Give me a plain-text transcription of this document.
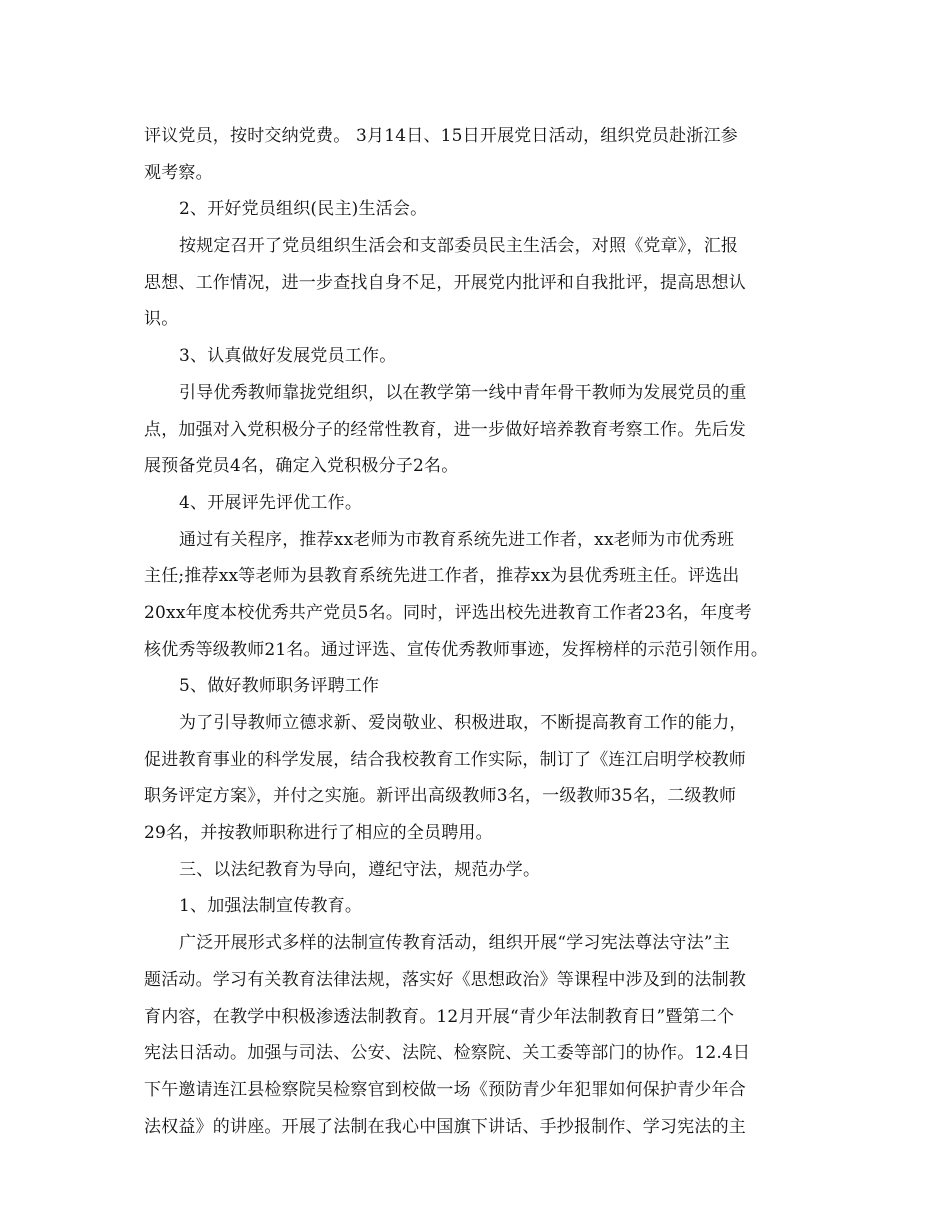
评议党员，按时交纳党费。 3月14日、15日开展党日活动，组织党员赴浙江参
观考察。
2、开好党员组织(民主)生活会。
按规定召开了党员组织生活会和支部委员民主生活会，对照《党章》，汇报
思想、工作情况，进一步查找自身不足，开展党内批评和自我批评，提高思想认
识。
3、认真做好发展党员工作。
引导优秀教师靠拢党组织，以在教学第一线中青年骨干教师为发展党员的重
点，加强对入党积极分子的经常性教育，进一步做好培养教育考察工作。先后发
展预备党员4名，确定入党积极分子2名。
4、开展评先评优工作。
通过有关程序，推荐xx老师为市教育系统先进工作者，xx老师为市优秀班
主任;推荐xx等老师为县教育系统先进工作者，推荐xx为县优秀班主任。评选出
20xx年度本校优秀共产党员5名。同时，评选出校先进教育工作者23名，年度考
核优秀等级教师21名。通过评选、宣传优秀教师事迹，发挥榜样的示范引领作用。
5、做好教师职务评聘工作
为了引导教师立德求新、爱岗敬业、积极进取，不断提高教育工作的能力，
促进教育事业的科学发展，结合我校教育工作实际，制订了《连江启明学校教师
职务评定方案》，并付之实施。新评出高级教师3名，一级教师35名，二级教师
29名，并按教师职称进行了相应的全员聘用。
三、以法纪教育为导向，遵纪守法，规范办学。
1、加强法制宣传教育。
广泛开展形式多样的法制宣传教育活动，组织开展“学习宪法尊法守法”主
题活动。学习有关教育法律法规，落实好《思想政治》等课程中涉及到的法制教
育内容，在教学中积极渗透法制教育。12月开展“青少年法制教育日”暨第二个
宪法日活动。加强与司法、公安、法院、检察院、关工委等部门的协作。12.4日
下午邀请连江县检察院吴检察官到校做一场《预防青少年犯罪如何保护青少年合
法权益》的讲座。开展了法制在我心中国旗下讲话、手抄报制作、学习宪法的主
